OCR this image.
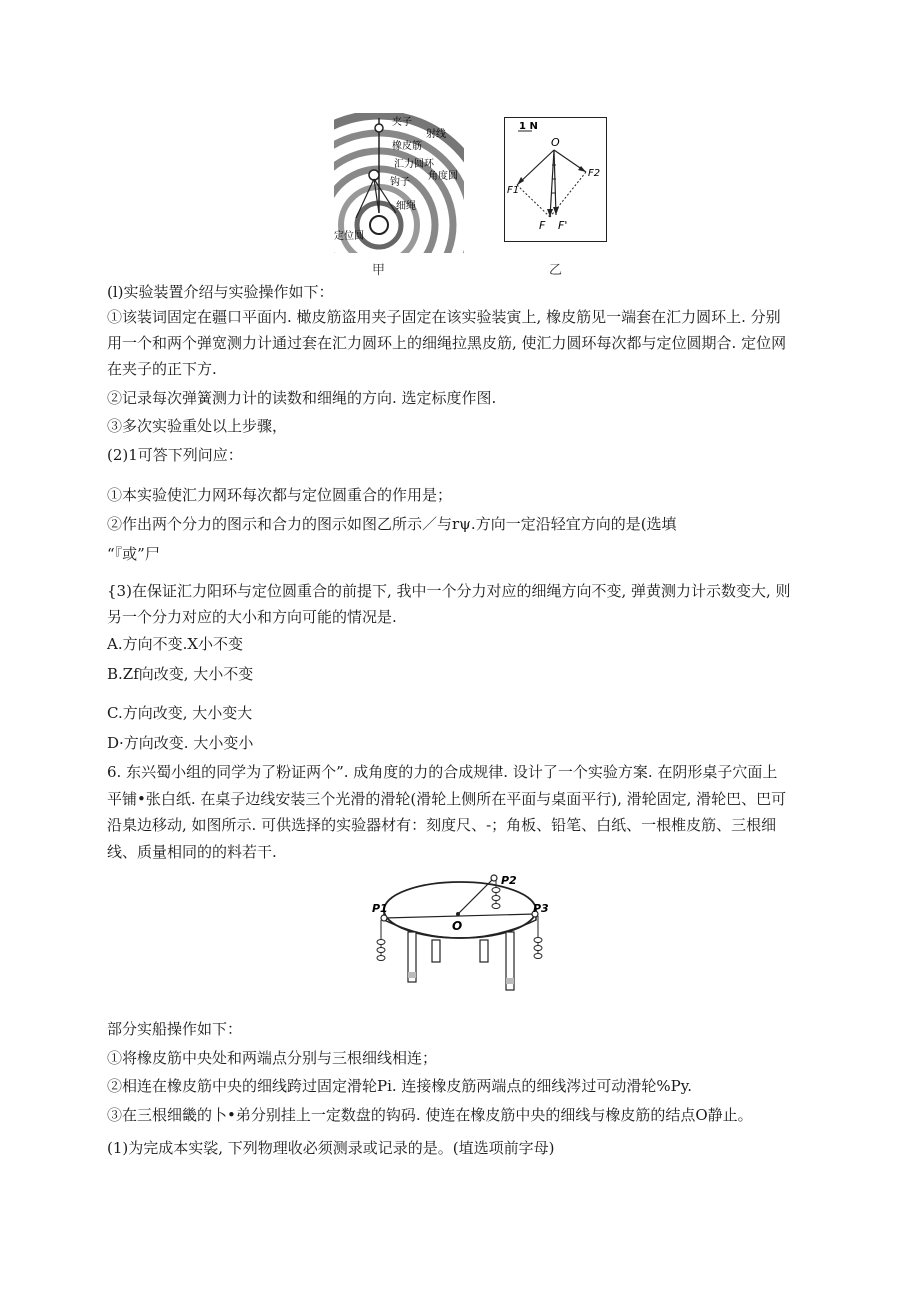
夹子
射线
橡皮筋
汇力圆环
角度圆
钩子
细绳
定位圆
1 N
O
F1
F2
F F'
甲	乙
(l)实验装置介绍与实验操作如下：
①该装词固定在疆口平面内. 橄皮筋盗用夹子固定在该实验装寅上, 橡皮筋见一端套在汇力圆环上. 分别
用一个和两个弹宽测力计通过套在汇力圆环上的细绳拉黑皮筋, 使汇力圆环每次都与定位圆期合. 定位网
在夹子的正下方.
②记录每次弹簧测力计的读数和细绳的方向. 选定标度作图.
③多次实验重处以上步骤，
(2)1可答下列问应：
①本实验使汇力网环每次都与定位圆重合的作用是；
②作出两个分力的图示和合力的图示如图乙所示／与rψ.方向一定沿轻宜方向的是(选填
“『或”尸
{3)在保证汇力阳环与定位圆重合的前提下, 我中一个分力对应的细绳方向不变, 弹黄测力计示数变大, 则
另一个分力对应的大小和方向可能的情况是.
A.方向不变.X小不变
B.Zf向改变, 大小不变
C.方向改变, 大小变大
D·方向改变. 大小变小
6. 东兴蜀小组的同学为了粉证两个”. 成角度的力的合成规律. 设计了一个实验方案. 在阴形桌子穴面上
平铺•张白纸. 在桌子边线安装三个光滑的滑轮(滑轮上侧所在平面与桌面平行), 滑轮固定, 滑轮巴、巴可
沿臬边移动, 如图所示. 可供选择的实验器材有：刻度尺、-；角板、铅笔、白纸、一根椎皮筋、三根细
线、质量相同的的料若干.
P1
P2
P3
O
部分实船操作如下：
①将橡皮筋中央处和两端点分别与三根细线相连；
②相连在橡皮筋中央的细线跨过固定滑轮Pi. 连接橡皮筋两端点的细线涔过可动滑轮%Py.
③在三根细畿的卜•弟分别挂上一定数盘的钩码. 使连在橡皮筋中央的细线与橡皮筋的结点O静止。
(1)为完成本实裟, 下列物理收必须测录或记录的是。(埴选项前字母)
